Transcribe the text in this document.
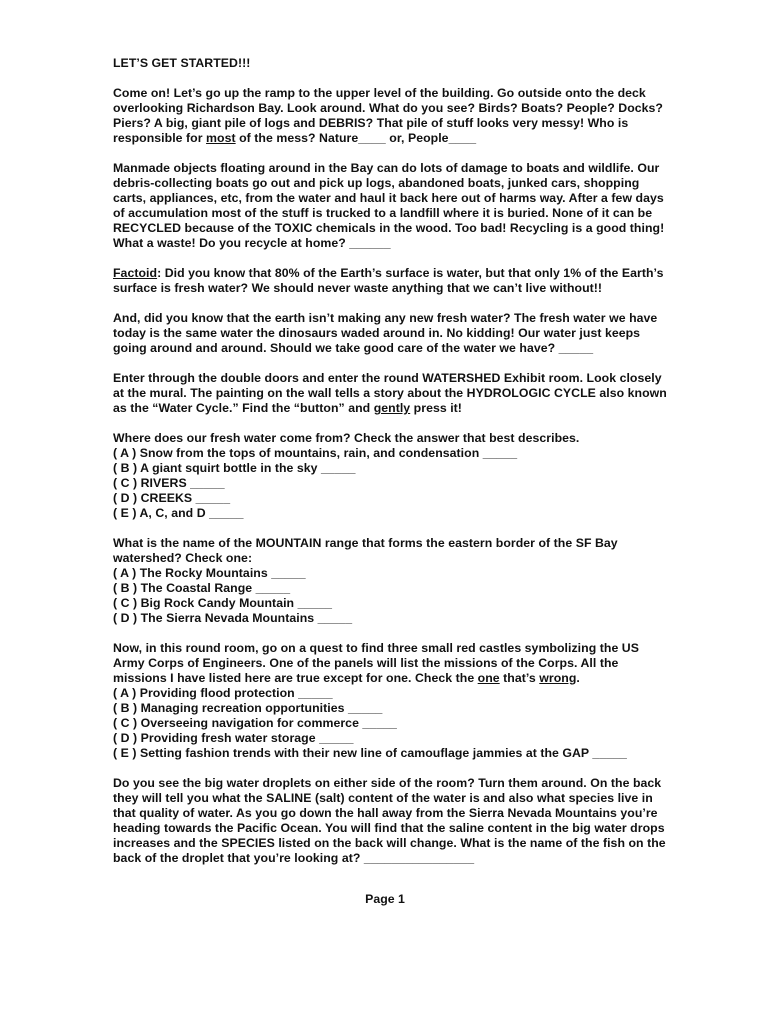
LET’S GET STARTED!!!

Come on! Let’s go up the ramp to the upper level of the building. Go outside onto the deck overlooking Richardson Bay. Look around. What do you see? Birds? Boats? People? Docks? Piers? A big, giant pile of logs and DEBRIS? That pile of stuff looks very messy! Who is responsible for most of the mess? Nature____ or, People____

Manmade objects floating around in the Bay can do lots of damage to boats and wildlife. Our debris-collecting boats go out and pick up logs, abandoned boats, junked cars, shopping carts, appliances, etc, from the water and haul it back here out of harms way. After a few days of accumulation most of the stuff is trucked to a landfill where it is buried. None of it can be RECYCLED because of the TOXIC chemicals in the wood. Too bad! Recycling is a good thing! What a waste! Do you recycle at home? ______

Factoid: Did you know that 80% of the Earth’s surface is water, but that only 1% of the Earth’s surface is fresh water? We should never waste anything that we can’t live without!!

And, did you know that the earth isn’t making any new fresh water? The fresh water we have today is the same water the dinosaurs waded around in. No kidding! Our water just keeps going around and around. Should we take good care of the water we have? _____

Enter through the double doors and enter the round WATERSHED Exhibit room. Look closely at the mural. The painting on the wall tells a story about the HYDROLOGIC CYCLE also known as the “Water Cycle.” Find the “button” and gently press it!

Where does our fresh water come from? Check the answer that best describes.
( A ) Snow from the tops of mountains, rain, and condensation _____
( B ) A giant squirt bottle in the sky _____
( C ) RIVERS _____
( D ) CREEKS _____
( E ) A, C, and D _____

What is the name of the MOUNTAIN range that forms the eastern border of the SF Bay watershed? Check one:
( A ) The Rocky Mountains _____
( B ) The Coastal Range _____
( C ) Big Rock Candy Mountain _____
( D ) The Sierra Nevada Mountains _____

Now, in this round room, go on a quest to find three small red castles symbolizing the US Army Corps of Engineers. One of the panels will list the missions of the Corps. All the missions I have listed here are true except for one. Check the one that’s wrong.
( A ) Providing flood protection _____
( B ) Managing recreation opportunities _____
( C ) Overseeing navigation for commerce _____
( D ) Providing fresh water storage _____
( E ) Setting fashion trends with their new line of camouflage jammies at the GAP _____

Do you see the big water droplets on either side of the room? Turn them around. On the back they will tell you what the SALINE (salt) content of the water is and also what species live in that quality of water. As you go down the hall away from the Sierra Nevada Mountains you’re heading towards the Pacific Ocean. You will find that the saline content in the big water drops increases and the SPECIES listed on the back will change. What is the name of the fish on the back of the droplet that you’re looking at? ________________

Page 1
